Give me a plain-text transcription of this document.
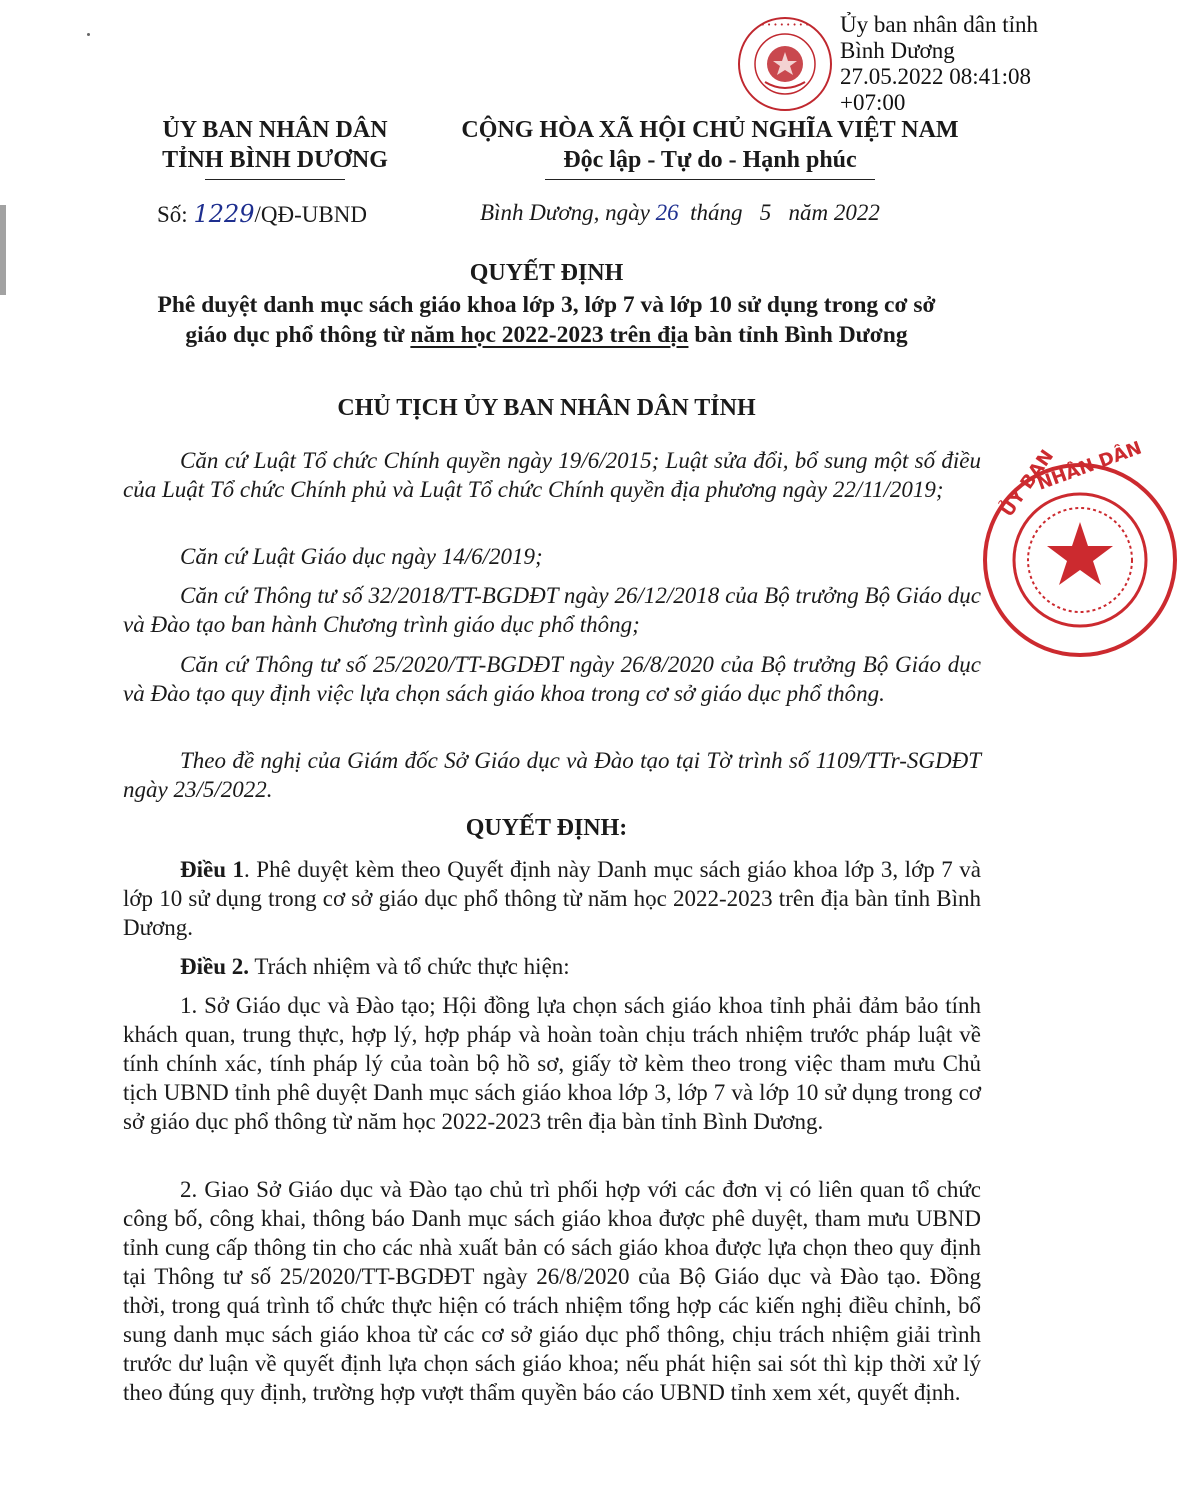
• • • • • • • • Ủy ban nhân dân tỉnh
Bình Dương
27.05.2022 08:41:08
+07:00
ỦY BAN
NHÂN DÂN
ỦY BAN NHÂN DÂN
TỈNH BÌNH DƯƠNG
CỘNG HÒA XÃ HỘI CHỦ NGHĨA VIỆT NAM
Độc lập - Tự do - Hạnh phúc
Số: 1229/QĐ-UBND	Bình Dương, ngày 26  tháng   5   năm 2022
QUYẾT ĐỊNH
Phê duyệt danh mục sách giáo khoa lớp 3, lớp 7 và lớp 10 sử dụng trong cơ sở
giáo dục phổ thông từ năm học 2022-2023 trên địa bàn tỉnh Bình Dương
CHỦ TỊCH ỦY BAN NHÂN DÂN TỈNH
Căn cứ Luật Tổ chức Chính quyền ngày 19/6/2015; Luật sửa đổi, bổ sung một số điều của Luật Tổ chức Chính phủ và Luật Tổ chức Chính quyền địa phương ngày 22/11/2019;
Căn cứ Luật Giáo dục ngày 14/6/2019;
Căn cứ Thông tư số 32/2018/TT-BGDĐT ngày 26/12/2018 của Bộ trưởng Bộ Giáo dục và Đào tạo ban hành Chương trình giáo dục phổ thông;
Căn cứ Thông tư số 25/2020/TT-BGDĐT ngày 26/8/2020 của Bộ trưởng Bộ Giáo dục và Đào tạo quy định việc lựa chọn sách giáo khoa trong cơ sở giáo dục phổ thông.
Theo đề nghị của Giám đốc Sở Giáo dục và Đào tạo tại Tờ trình số 1109/TTr-SGDĐT ngày 23/5/2022.
QUYẾT ĐỊNH:
Điều 1. Phê duyệt kèm theo Quyết định này Danh mục sách giáo khoa lớp 3, lớp 7 và lớp 10 sử dụng trong cơ sở giáo dục phổ thông từ năm học 2022-2023 trên địa bàn tỉnh Bình Dương.
Điều 2. Trách nhiệm và tổ chức thực hiện:
1. Sở Giáo dục và Đào tạo; Hội đồng lựa chọn sách giáo khoa tỉnh phải đảm bảo tính khách quan, trung thực, hợp lý, hợp pháp và hoàn toàn chịu trách nhiệm trước pháp luật về tính chính xác, tính pháp lý của toàn bộ hồ sơ, giấy tờ kèm theo trong việc tham mưu Chủ tịch UBND tỉnh phê duyệt Danh mục sách giáo khoa lớp 3, lớp 7 và lớp 10 sử dụng trong cơ sở giáo dục phổ thông từ năm học 2022-2023 trên địa bàn tỉnh Bình Dương.
2. Giao Sở Giáo dục và Đào tạo chủ trì phối hợp với các đơn vị có liên quan tổ chức công bố, công khai, thông báo Danh mục sách giáo khoa được phê duyệt, tham mưu UBND tỉnh cung cấp thông tin cho các nhà xuất bản có sách giáo khoa được lựa chọn theo quy định tại Thông tư số 25/2020/TT-BGDĐT ngày 26/8/2020 của Bộ Giáo dục và Đào tạo. Đồng thời, trong quá trình tổ chức thực hiện có trách nhiệm tổng hợp các kiến nghị điều chỉnh, bổ sung danh mục sách giáo khoa từ các cơ sở giáo dục phổ thông, chịu trách nhiệm giải trình trước dư luận về quyết định lựa chọn sách giáo khoa; nếu phát hiện sai sót thì kịp thời xử lý theo đúng quy định, trường hợp vượt thẩm quyền báo cáo UBND tỉnh xem xét, quyết định.
